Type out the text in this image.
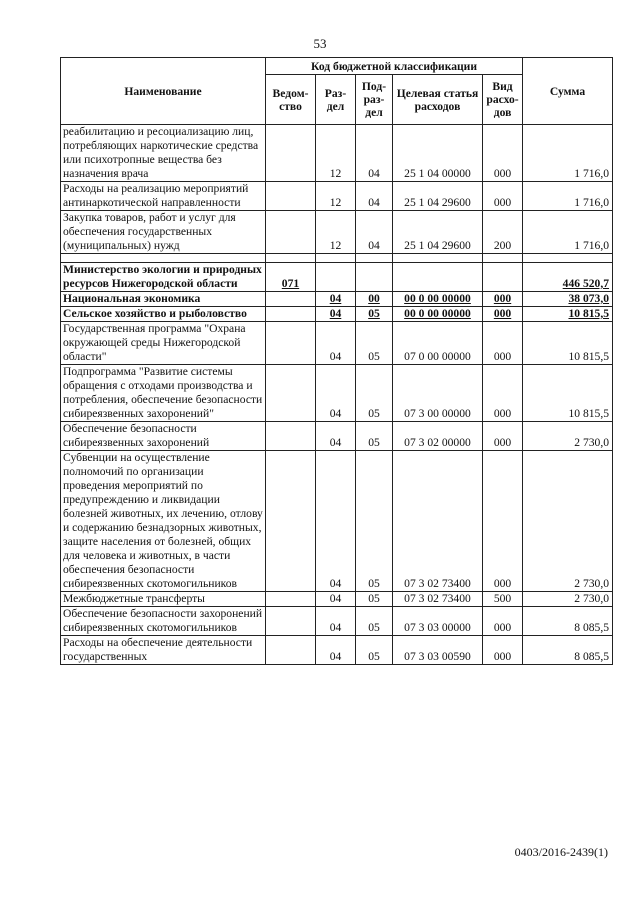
53
Наименование	Код бюджетной классификации					Сумма
	Ведом-ство	Раз-дел	Под-раз-дел	Целевая статья расходов	Вид расхо-дов	
реабилитацию и ресоциализацию лиц, потребляющих наркотические средства или психотропные вещества без назначения врача		12	04	25 1 04 00000	000	1 716,0
Расходы на реализацию мероприятий антинаркотической направленности		12	04	25 1 04 29600	000	1 716,0
Закупка товаров, работ и услуг для обеспечения государственных (муниципальных) нужд		12	04	25 1 04 29600	200	1 716,0

Министерство экологии и природных ресурсов Нижегородской области	071					446 520,7
Национальная экономика		04	00	00 0 00 00000	000	38 073,0
Сельское хозяйство и рыболовство		04	05	00 0 00 00000	000	10 815,5
Государственная программа "Охрана окружающей среды Нижегородской области"		04	05	07 0 00 00000	000	10 815,5
Подпрограмма "Развитие системы обращения с отходами производства и потребления, обеспечение безопасности сибиреязвенных захоронений"		04	05	07 3 00 00000	000	10 815,5
Обеспечение безопасности сибиреязвенных захоронений		04	05	07 3 02 00000	000	2 730,0
Субвенции на осуществление полномочий по организации проведения мероприятий по предупреждению и ликвидации болезней животных, их лечению, отлову и содержанию безнадзорных животных, защите населения от болезней, общих для человека и животных, в части обеспечения безопасности сибиреязвенных скотомогильников		04	05	07 3 02 73400	000	2 730,0
Межбюджетные трансферты		04	05	07 3 02 73400	500	2 730,0
Обеспечение безопасности захоронений сибиреязвенных скотомогильников		04	05	07 3 03 00000	000	8 085,5
Расходы на обеспечение деятельности государственных		04	05	07 3 03 00590	000	8 085,5
0403/2016-2439(1)
